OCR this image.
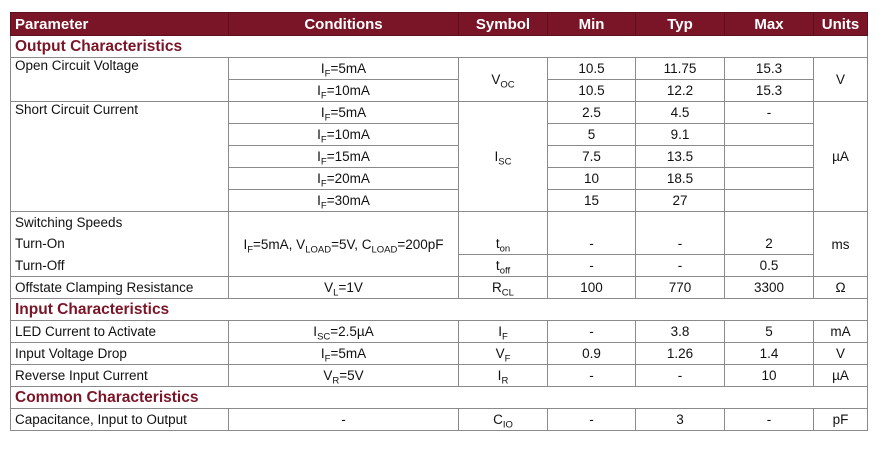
Parameter	Conditions	Symbol	Min	Typ	Max	Units
Output Characteristics						
Open Circuit Voltage	$I_F=5mA$	$V_{OC}$	10.5	11.75	15.3	V
	$I_F=10mA$		10.5	12.2	15.3	
Short Circuit Current	$I_F=5mA$	$I_{SC}$	2.5	4.5	-	µA
	$I_F=10mA$		5	9.1		
	$I_F=15mA$		7.5	13.5		
	$I_F=20mA$		10	18.5		
	$I_F=30mA$		15	27		
Switching Speeds	$I_F=5mA$, $V_{LOAD}=5V$, $C_{LOAD}=200pF$					ms
Turn-On		$t_{on}$	-	-	2	
Turn-Off		$t_{off}$	-	-	0.5	
Offstate Clamping Resistance	$V_L=1V$	$R_{CL}$	100	770	3300	Ω
Input Characteristics						
LED Current to Activate	$I_{SC}=2.5\mu A$	$I_F$	-	3.8	5	mA
Input Voltage Drop	$I_F=5mA$	$V_F$	0.9	1.26	1.4	V
Reverse Input Current	$V_R=5V$	$I_R$	-	-	10	µA
Common Characteristics						
Capacitance, Input to Output	-	$C_{IO}$	-	3	-	pF
